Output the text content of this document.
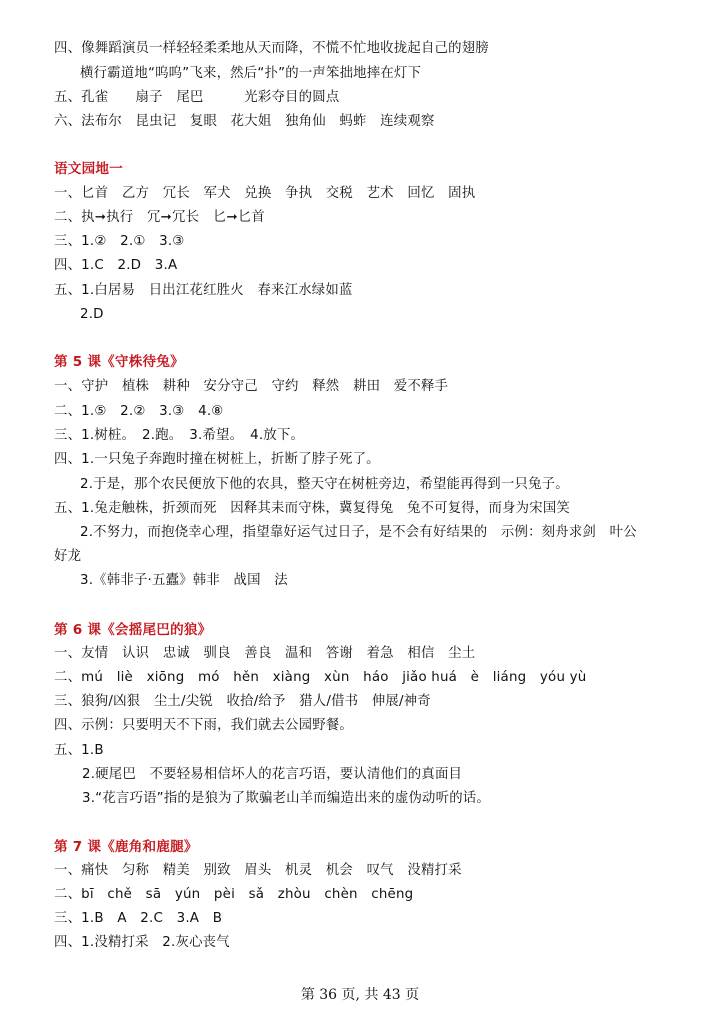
四、像舞蹈演员一样轻轻柔柔地从天而降，不慌不忙地收拢起自己的翅膀
横行霸道地“呜呜”飞来，然后“扑”的一声笨拙地摔在灯下
五、孔雀　　扇子　尾巴　　　光彩夺目的圆点
六、法布尔　昆虫记　复眼　花大姐　独角仙　蚂蚱　连续观察
语文园地一
一、匕首　乙方　冗长　军犬　兑换　争执　交税　艺术　回忆　固执
二、执➞执行　冗➞冗长　匕➞匕首
三、1.②　2.①　3.③
四、1.C　2.D　3.A
五、1.白居易　日出江花红胜火　春来江水绿如蓝
2.D
第 5 课《守株待兔》
一、守护　植株　耕种　安分守己　守约　释然　耕田　爱不释手
二、1.⑤　2.②　3.③　4.⑧
三、1.树桩。　2.跑。　3.希望。　4.放下。
四、1.一只兔子奔跑时撞在树桩上，折断了脖子死了。
2.于是，那个农民便放下他的农具，整天守在树桩旁边，希望能再得到一只兔子。
五、1.兔走触株，折颈而死　因释其耒而守株，冀复得兔　兔不可复得，而身为宋国笑
2.不努力，而抱侥幸心理，指望靠好运气过日子，是不会有好结果的　示例：刻舟求剑　叶公
好龙
3.《韩非子·五蠹》韩非　战国　法
第 6 课《会摇尾巴的狼》
一、友情　认识　忠诚　驯良　善良　温和　答谢　着急　相信　尘土
二、mú　liè　xiōng　mó　hěn　xiàng　xùn　háo　jiǎo huá　è　liáng　yóu yù
三、狼狗/凶狠　尘土/尖锐　收拾/给予　猎人/借书　伸展/神奇
四、示例：只要明天不下雨，我们就去公园野餐。
五、1.B
2.硬尾巴　不要轻易相信坏人的花言巧语，要认清他们的真面目
3.“花言巧语”指的是狼为了欺骗老山羊而编造出来的虚伪动听的话。
第 7 课《鹿角和鹿腿》
一、痛快　匀称　精美　别致　眉头　机灵　机会　叹气　没精打采
二、bī　chě　sā　yún　pèi　sǎ　zhòu　chèn　chēng
三、1.B　A　2.C　3.A　B
四、1.没精打采　2.灰心丧气
第 36 页, 共 43 页
